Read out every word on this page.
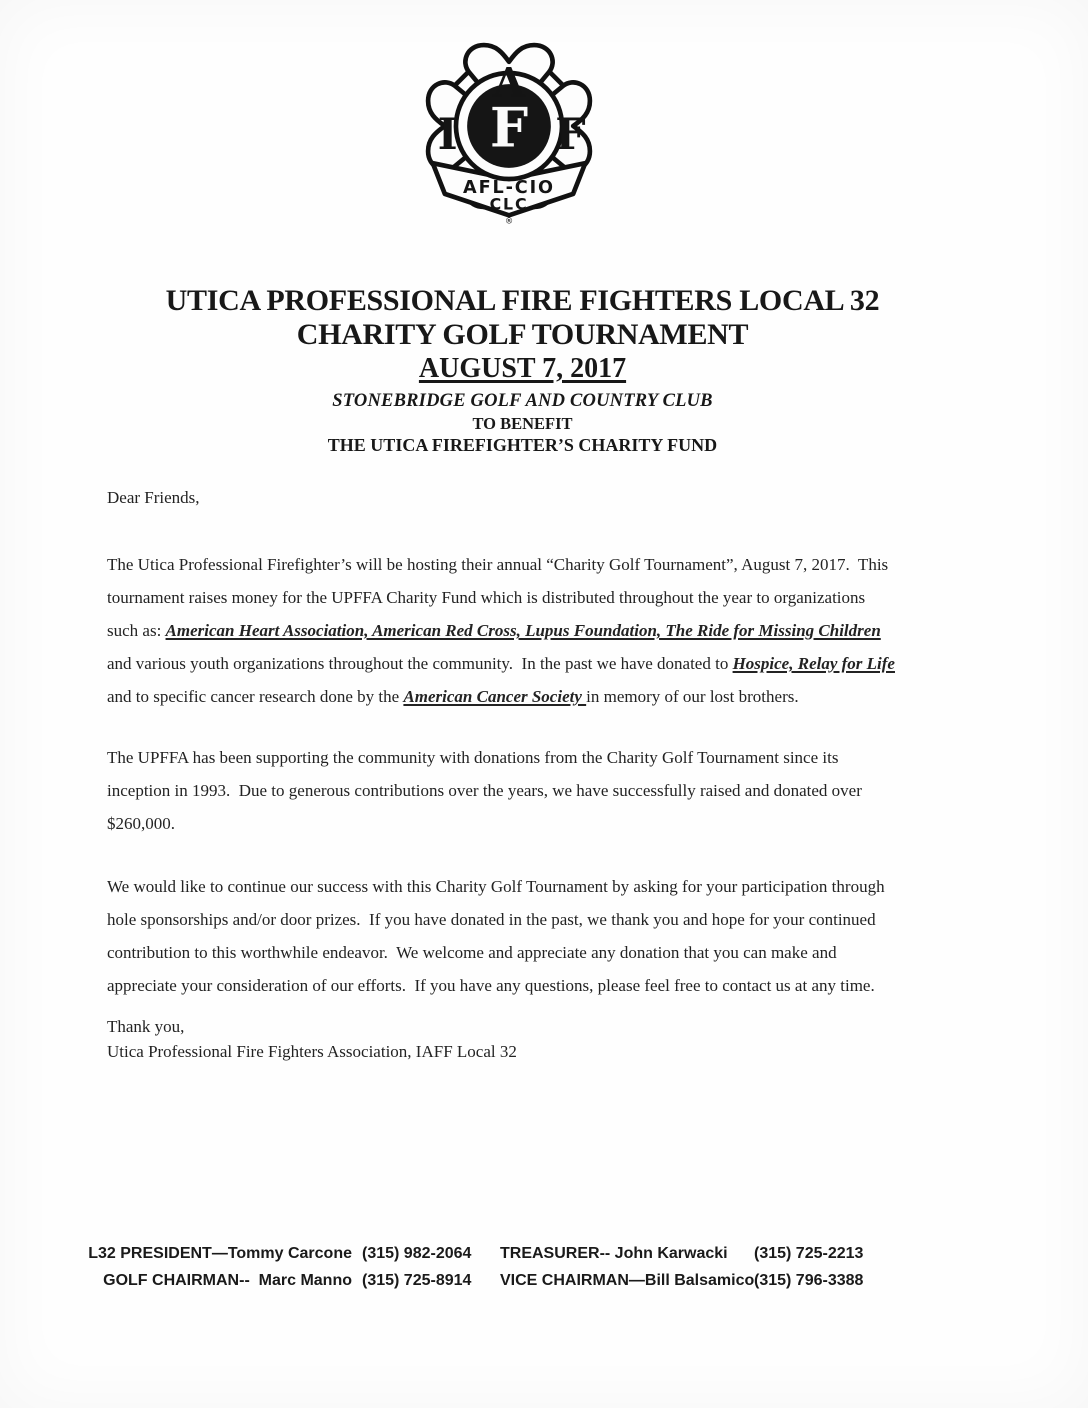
A
I F
F
AFL-CIO
CLC
®
UTICA PROFESSIONAL FIRE FIGHTERS LOCAL 32
CHARITY GOLF TOURNAMENT
AUGUST 7, 2017
STONEBRIDGE GOLF AND COUNTRY CLUB
TO BENEFIT
THE UTICA FIREFIGHTER’S CHARITY FUND
Dear Friends,
The Utica Professional Firefighter’s will be hosting their annual “Charity Golf Tournament”, August 7, 2017.  This
tournament raises money for the UPFFA Charity Fund which is distributed throughout the year to organizations
such as: American Heart Association, American Red Cross, Lupus Foundation, The Ride for Missing Children
and various youth organizations throughout the community.  In the past we have donated to Hospice, Relay for Life
and to specific cancer research done by the American Cancer Society in memory of our lost brothers.
The UPFFA has been supporting the community with donations from the Charity Golf Tournament since its
inception in 1993.  Due to generous contributions over the years, we have successfully raised and donated over
$260,000.
We would like to continue our success with this Charity Golf Tournament by asking for your participation through
hole sponsorships and/or door prizes.  If you have donated in the past, we thank you and hope for your continued
contribution to this worthwhile endeavor.  We welcome and appreciate any donation that you can make and
appreciate your consideration of our efforts.  If you have any questions, please feel free to contact us at any time.
Thank you,
Utica Professional Fire Fighters Association, IAFF Local 32
L32 PRESIDENT—Tommy Carcone (315) 982-2064	TREASURER-- John Karwacki	(315) 725-2213
GOLF CHAIRMAN--  Marc Manno (315) 725-8914	VICE CHAIRMAN—Bill Balsamico (315) 796-3388
